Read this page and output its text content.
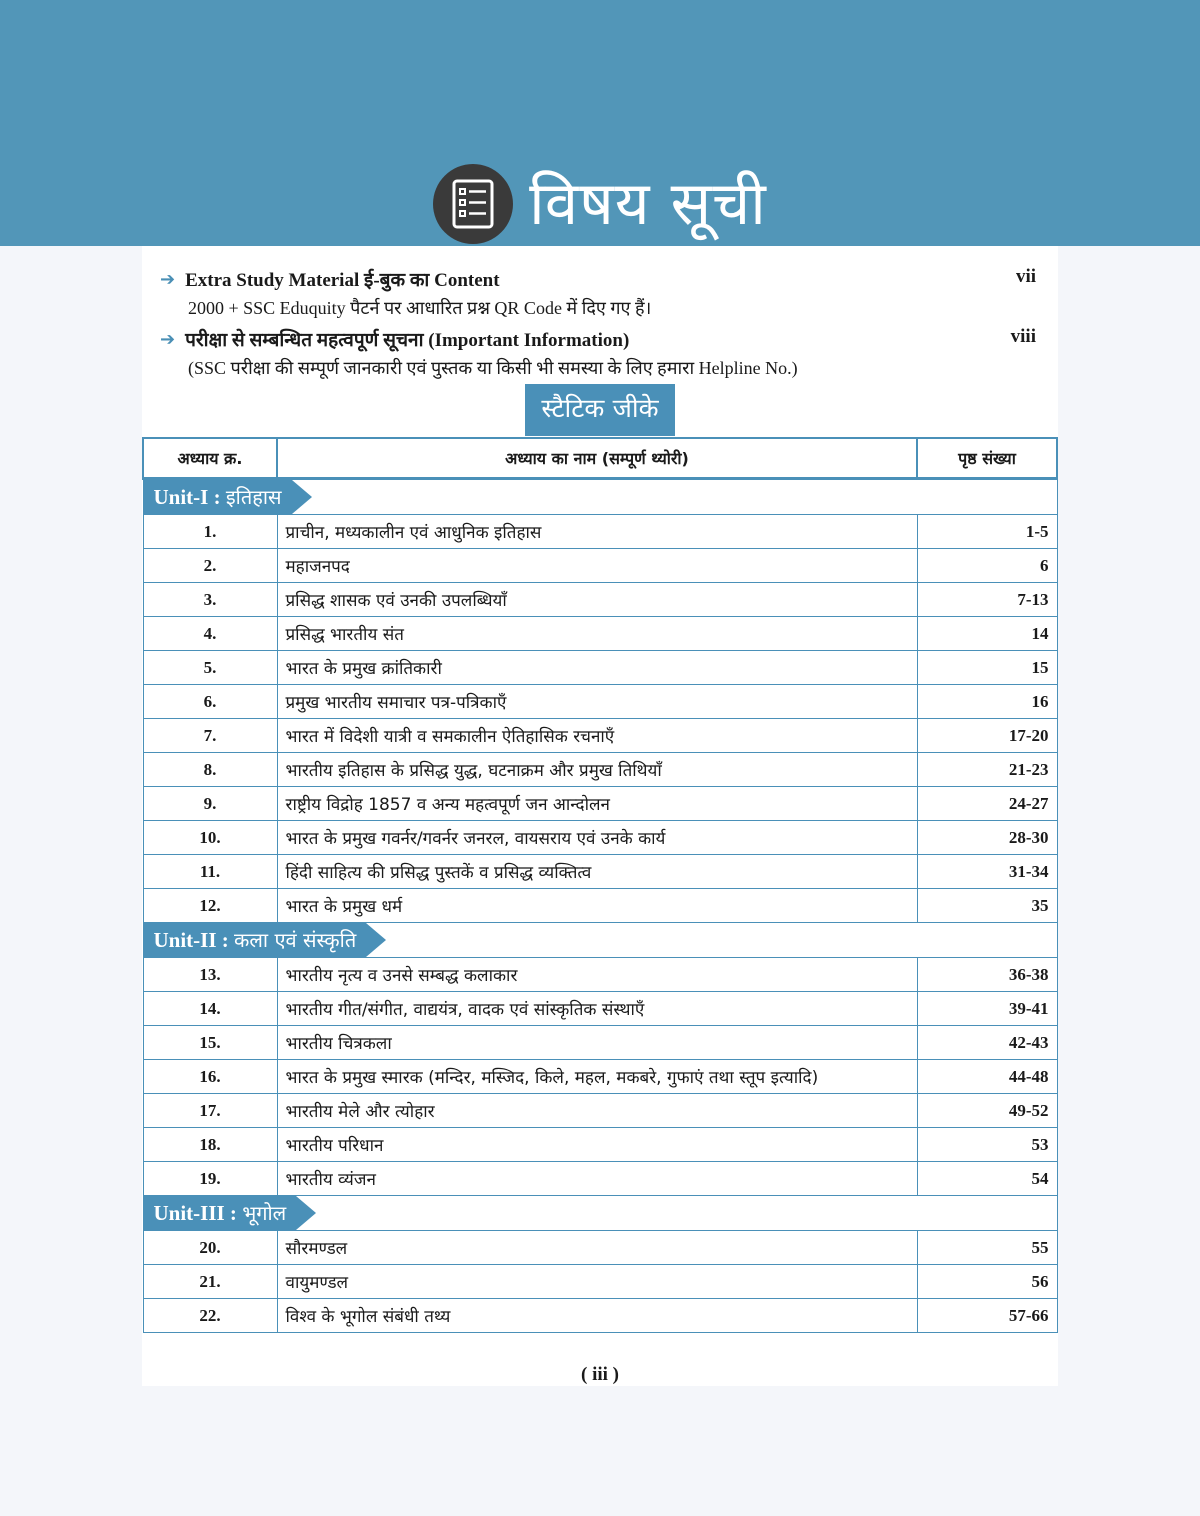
विषय सूची
➔ Extra Study Material ई-बुक का Content
2000 + SSC Eduquity पैटर्न पर आधारित प्रश्न QR Code में दिए गए हैं।
vii
➔ परीक्षा से सम्बन्धित महत्वपूर्ण सूचना (Important Information)
(SSC परीक्षा की सम्पूर्ण जानकारी एवं पुस्तक या किसी भी समस्या के लिए हमारा Helpline No.)
viii
स्टैटिक जीके
अध्याय क्र.	अध्याय का नाम (सम्पूर्ण थ्योरी)	पृष्ठ संख्या
Unit-I : इतिहास		
1.	प्राचीन, मध्यकालीन एवं आधुनिक इतिहास	1-5
2.	महाजनपद	6
3.	प्रसिद्ध शासक एवं उनकी उपलब्धियाँ	7-13
4.	प्रसिद्ध भारतीय संत	14
5.	भारत के प्रमुख क्रांतिकारी	15
6.	प्रमुख भारतीय समाचार पत्र-पत्रिकाएँ	16
7.	भारत में विदेशी यात्री व समकालीन ऐतिहासिक रचनाएँ	17-20
8.	भारतीय इतिहास के प्रसिद्ध युद्ध, घटनाक्रम और प्रमुख तिथियाँ	21-23
9.	राष्ट्रीय विद्रोह 1857 व अन्य महत्वपूर्ण जन आन्दोलन	24-27
10.	भारत के प्रमुख गवर्नर/गवर्नर जनरल, वायसराय एवं उनके कार्य	28-30
11.	हिंदी साहित्य की प्रसिद्ध पुस्तकें व प्रसिद्ध व्यक्तित्व	31-34
12.	भारत के प्रमुख धर्म	35
Unit-II : कला एवं संस्कृति		
13.	भारतीय नृत्य व उनसे सम्बद्ध कलाकार	36-38
14.	भारतीय गीत/संगीत, वाद्ययंत्र, वादक एवं सांस्कृतिक संस्थाएँ	39-41
15.	भारतीय चित्रकला	42-43
16.	भारत के प्रमुख स्मारक (मन्दिर, मस्जिद, किले, महल, मकबरे, गुफाएं तथा स्तूप इत्यादि)	44-48
17.	भारतीय मेले और त्योहार	49-52
18.	भारतीय परिधान	53
19.	भारतीय व्यंजन	54
Unit-III : भूगोल		
20.	सौरमण्डल	55
21.	वायुमण्डल	56
22.	विश्व के भूगोल संबंधी तथ्य	57-66
( iii )
